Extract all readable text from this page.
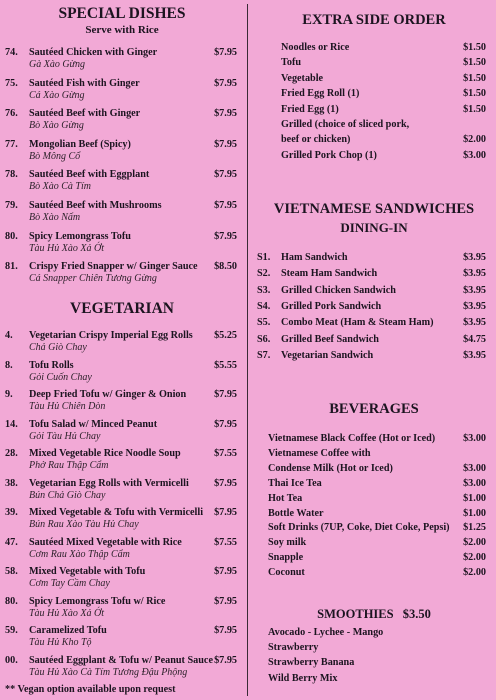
SPECIAL DISHES
Serve with Rice
74. Sautéed Chicken with Ginger	$7.95
Gà Xào Gừng
75. Sautéed Fish with Ginger	$7.95
Cá Xào Gừng
76. Sautéed Beef with Ginger	$7.95
Bò Xào Gừng
77. Mongolian Beef (Spicy)	$7.95
Bò Mông Cổ
78. Sautéed Beef with Eggplant	$7.95
Bò Xào Cà Tím
79. Sautéed Beef with Mushrooms	$7.95
Bò Xào Nấm
80. Spicy Lemongrass Tofu	$7.95
Tàu Hủ Xào Xả Ớt
81. Crispy Fried Snapper w/ Ginger Sauce $8.50
Cá Snapper Chiên Tương Gừng
VEGETARIAN
4. Vegetarian Crispy Imperial Egg Rolls $5.25
Chả Giò Chay
8. Tofu Rolls	$5.55
Gỏi Cuốn Chay
9. Deep Fried Tofu w/ Ginger & Onion	$7.95
Tàu Hủ Chiên Dòn
14. Tofu Salad w/ Minced Peanut	$7.95
Gỏi Tàu Hủ Chay
28. Mixed Vegetable Rice Noodle Soup	$7.55
Phở Rau Thập Cẩm
38. Vegetarian Egg Rolls with Vermicelli $7.95
Bún Chả Giò Chay
39. Mixed Vegetable & Tofu with Vermicelli $7.95
Bún Rau Xào Tàu Hủ Chay
47. Sautéed Mixed Vegetable with Rice	$7.55
Cơm Rau Xào Thập Cẩm
58. Mixed Vegetable with Tofu	$7.95
Cơm Tay Cầm Chay
80. Spicy Lemongrass Tofu w/ Rice	$7.95
Tàu Hủ Xào Xả Ớt
59. Caramelized Tofu	$7.95
Tàu Hủ Kho Tộ
00. Sautéed Eggplant & Tofu w/ Peanut Sauce $7.95
Tàu Hủ Xào Cà Tím Tương Đậu Phộng
** Vegan option available upon request
EXTRA SIDE ORDER
Noodles or Rice	$1.50
Tofu	$1.50
Vegetable	$1.50
Fried Egg Roll (1)	$1.50
Fried Egg (1)	$1.50
Grilled (choice of sliced pork,
beef or chicken)	$2.00
Grilled Pork Chop (1)	$3.00
VIETNAMESE SANDWICHES
DINING-IN
S1. Ham Sandwich	$3.95
S2. Steam Ham Sandwich	$3.95
S3. Grilled Chicken Sandwich	$3.95
S4. Grilled Pork Sandwich	$3.95
S5. Combo Meat (Ham & Steam Ham)	$3.95
S6. Grilled Beef Sandwich	$4.75
S7. Vegetarian Sandwich	$3.95
BEVERAGES
Vietnamese Black Coffee (Hot or Iced)	$3.00
Vietnamese Coffee with
Condense Milk (Hot or Iced)	$3.00
Thai Ice Tea	$3.00
Hot Tea	$1.00
Bottle Water	$1.00
Soft Drinks (7UP, Coke, Diet Coke, Pepsi) $1.25
Soy milk	$2.00
Snapple	$2.00
Coconut	$2.00
SMOOTHIES $3.50
Avocado - Lychee - Mango
Strawberry
Strawberry Banana
Wild Berry Mix
